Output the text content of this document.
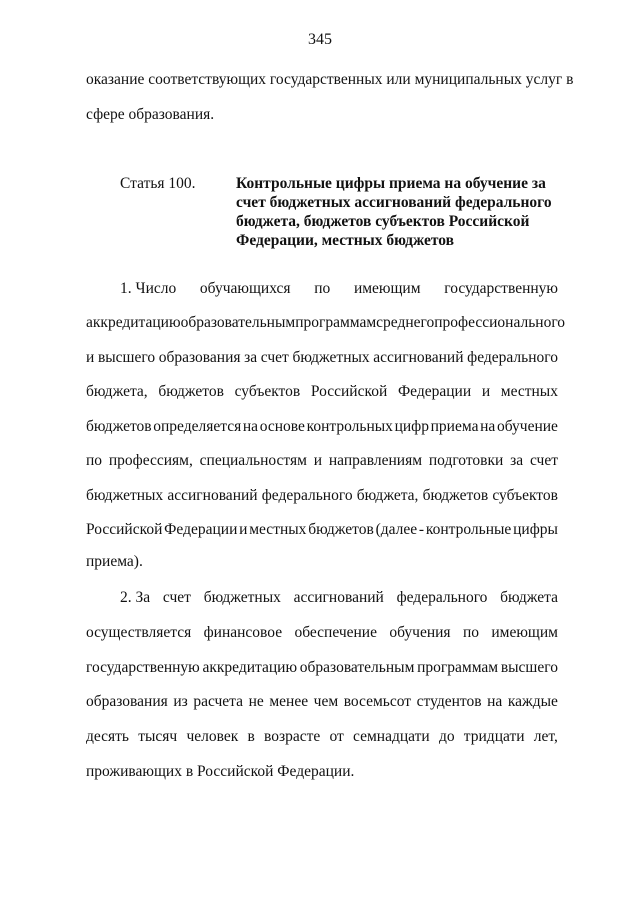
345
оказание соответствующих государственных или муниципальных услуг в
сфере образования.
Статья 100.	Контрольные цифры приема на обучение за
счет бюджетных ассигнований федерального
бюджета, бюджетов субъектов Российской
Федерации, местных бюджетов
1. Число обучающихся по имеющим государственную
аккредитацию образовательным программам среднего профессионального
и высшего образования за счет бюджетных ассигнований федерального
бюджета, бюджетов субъектов Российской Федерации и местных
бюджетов определяется на основе контрольных цифр приема на обучение
по профессиям, специальностям и направлениям подготовки за счет
бюджетных ассигнований федерального бюджета, бюджетов субъектов
Российской Федерации и местных бюджетов (далее - контрольные цифры
приема).
2. За счет бюджетных ассигнований федерального бюджета
осуществляется финансовое обеспечение обучения по имеющим
государственную аккредитацию образовательным программам высшего
образования из расчета не менее чем восемьсот студентов на каждые
десять тысяч человек в возрасте от семнадцати до тридцати лет,
проживающих в Российской Федерации.
